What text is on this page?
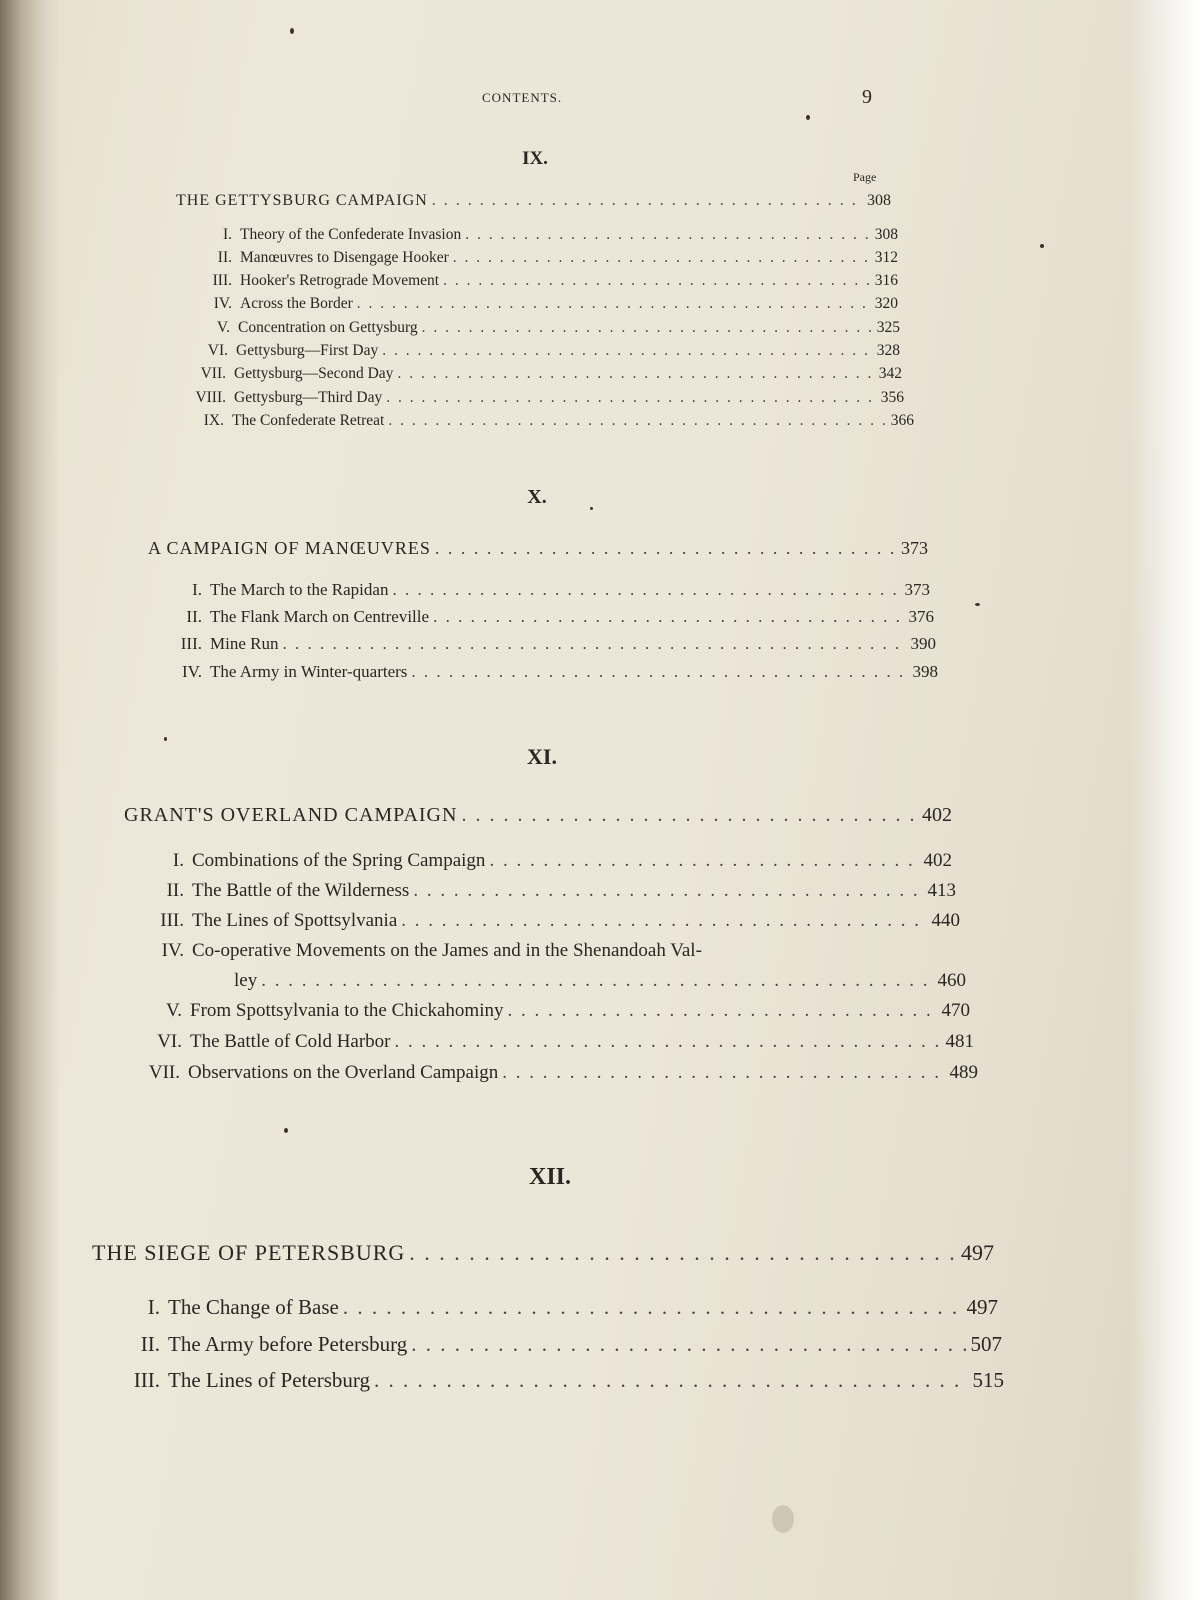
CONTENTS.	9
IX.
Page
THE GETTYSBURG CAMPAIGN . . .	308
I. Theory of the Confederate Invasion . . .	308
II. Manœuvres to Disengage Hooker . . .	312
III. Hooker's Retrograde Movement . . .	316
IV. Across the Border . . .	320
V. Concentration on Gettysburg . . .	325
VI. Gettysburg—First Day . . .	328
VII. Gettysburg—Second Day . . .	342
VIII. Gettysburg—Third Day . . .	356
IX. The Confederate Retreat . . .	366
X.
A CAMPAIGN OF MANŒUVRES . . .	373
I. The March to the Rapidan . . .	373
II. The Flank March on Centreville . . .	376
III. Mine Run . . .	390
IV. The Army in Winter-quarters . . .	398
XI.
GRANT'S OVERLAND CAMPAIGN . . .	402
I. Combinations of the Spring Campaign . . .	402
II. The Battle of the Wilderness . . .	413
III. The Lines of Spottsylvania . . .	440
IV. Co-operative Movements on the James and in the Shenandoah Val-
ley . . .	460
V. From Spottsylvania to the Chickahominy . . .	470
VI. The Battle of Cold Harbor . . .	481
VII. Observations on the Overland Campaign . . .	489
XII.
THE SIEGE OF PETERSBURG . . .	497
I. The Change of Base . . .	497
II. The Army before Petersburg . . .	507
III. The Lines of Petersburg . . .	515
